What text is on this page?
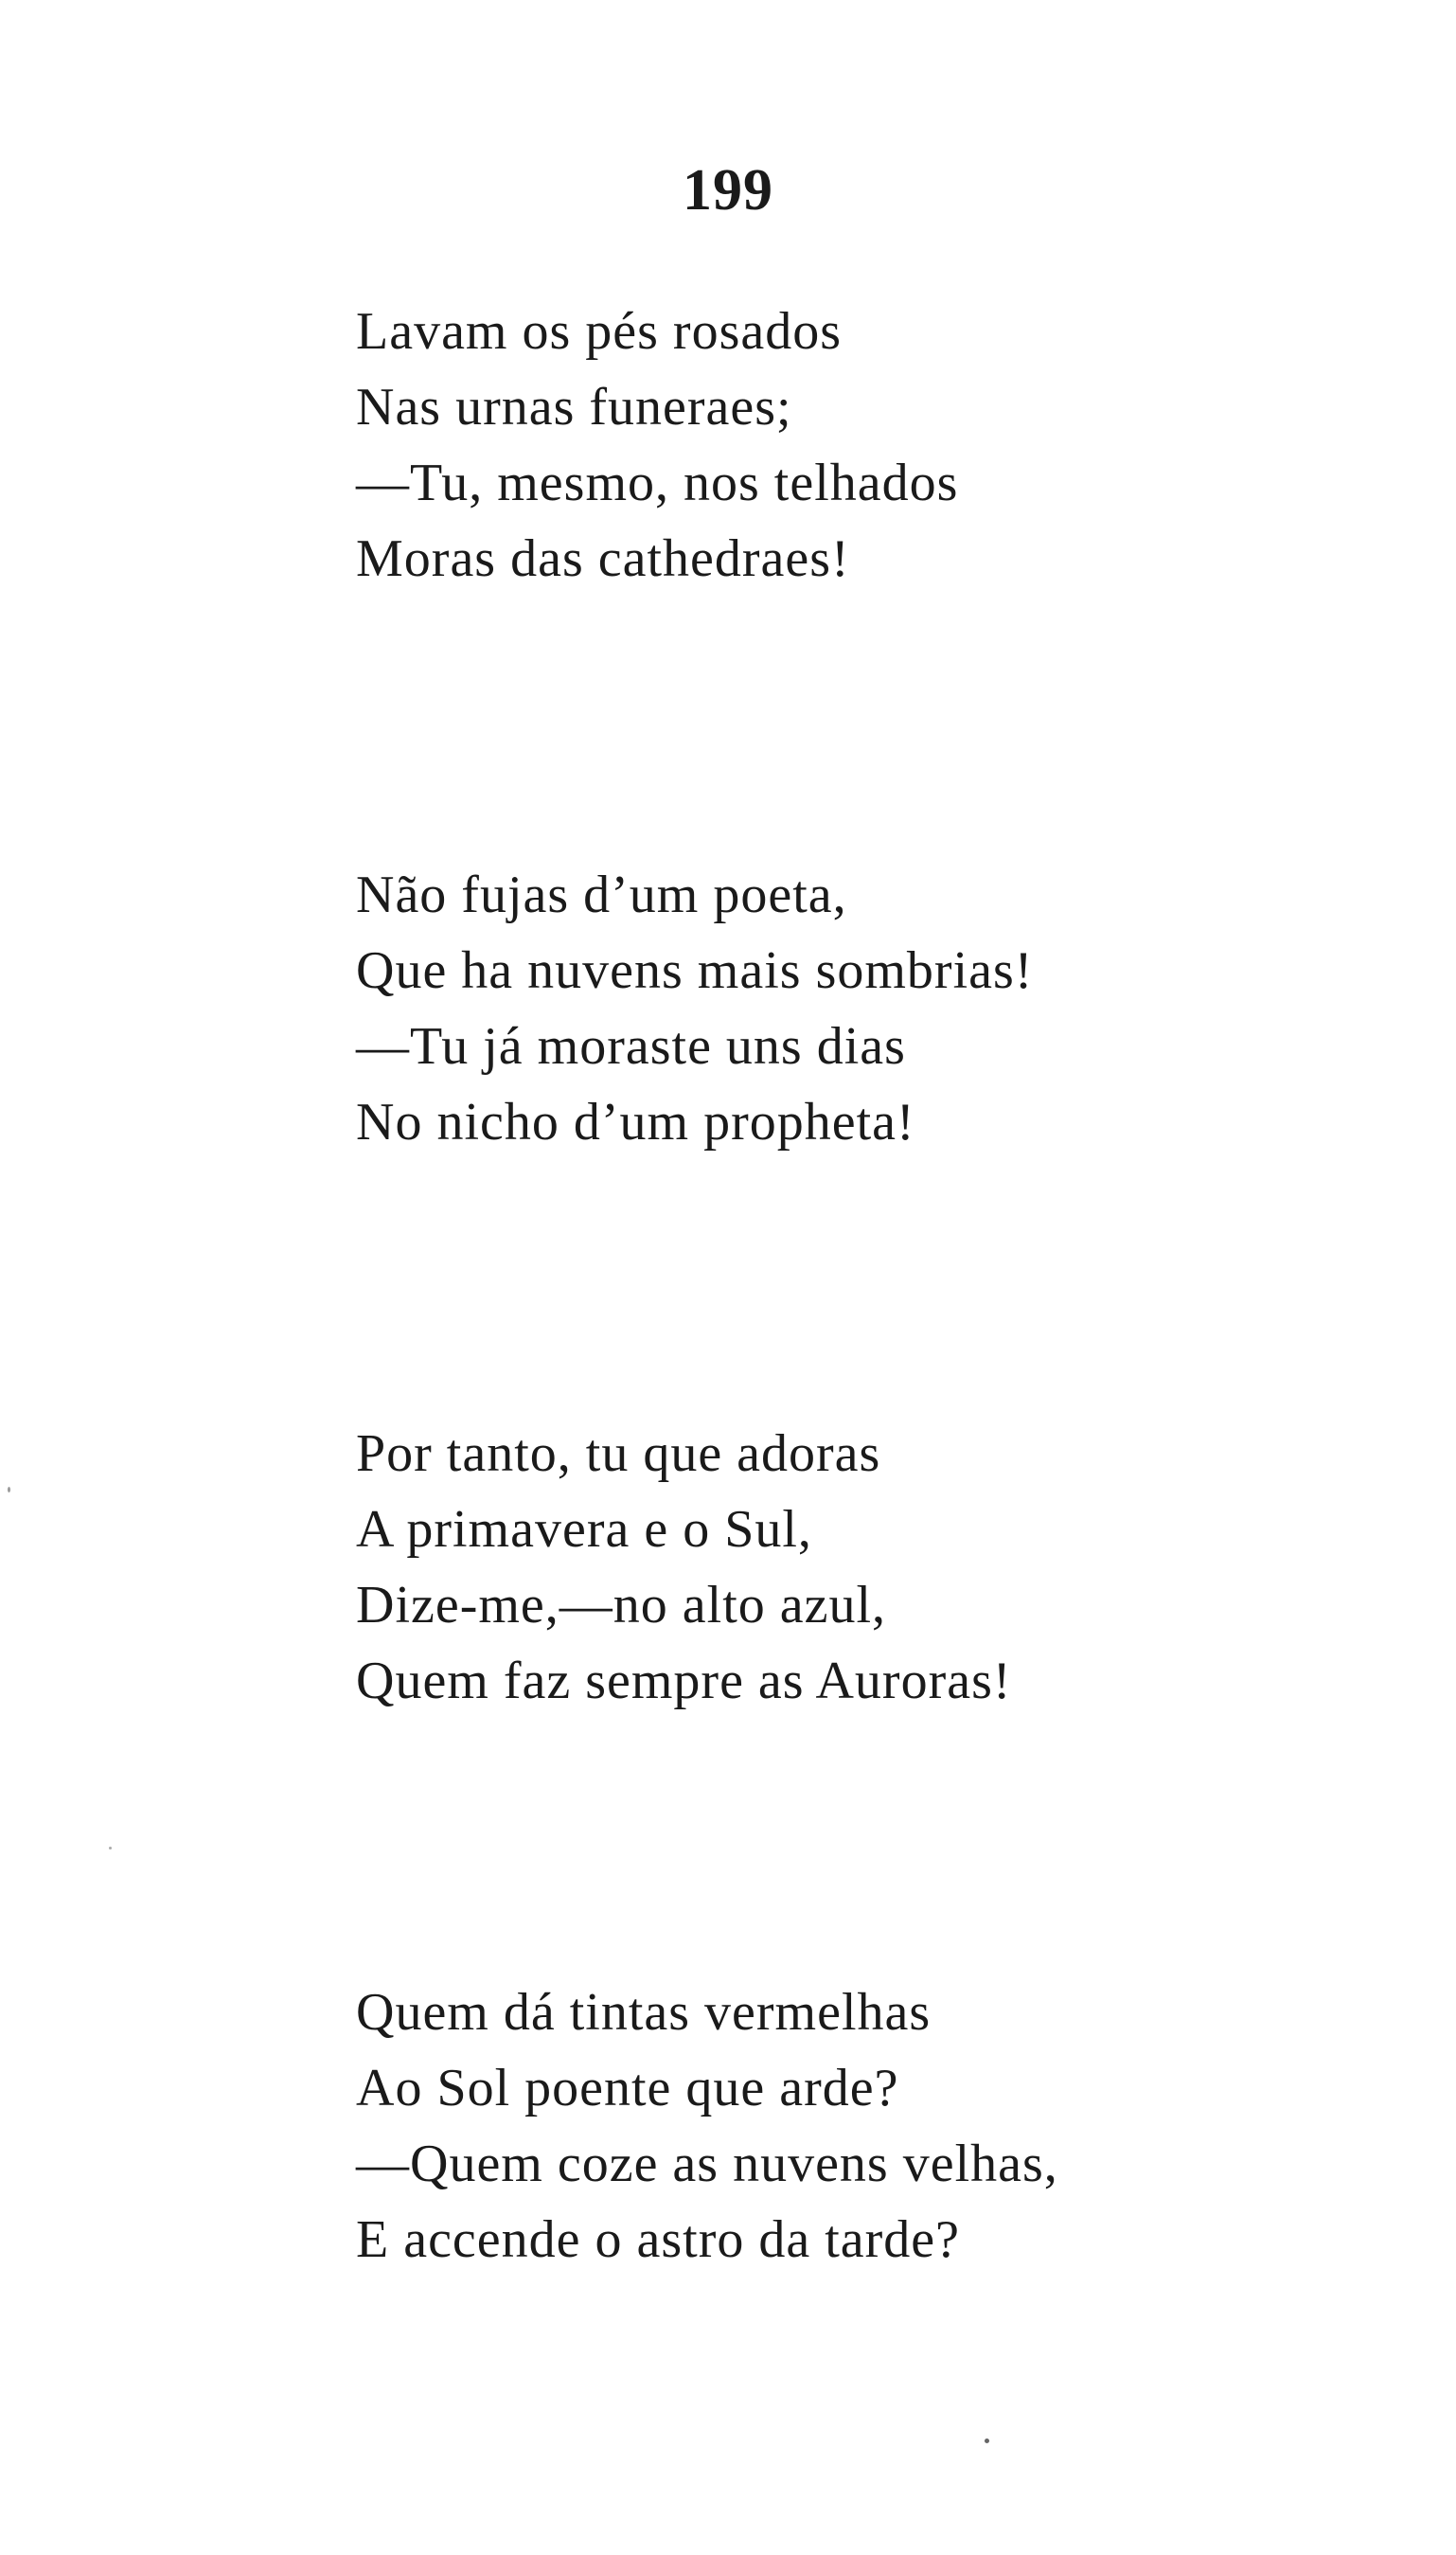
199
Lavam os pés rosados
Nas urnas funeraes;
—Tu, mesmo, nos telhados
Moras das cathedraes!
Não fujas d’um poeta,
Que ha nuvens mais sombrias!
—Tu já moraste uns dias
No nicho d’um propheta!
Por tanto, tu que adoras
A primavera e o Sul,
Dize-me,—no alto azul,
Quem faz sempre as Auroras!
Quem dá tintas vermelhas
Ao Sol poente que arde?
—Quem coze as nuvens velhas,
E accende o astro da tarde?
